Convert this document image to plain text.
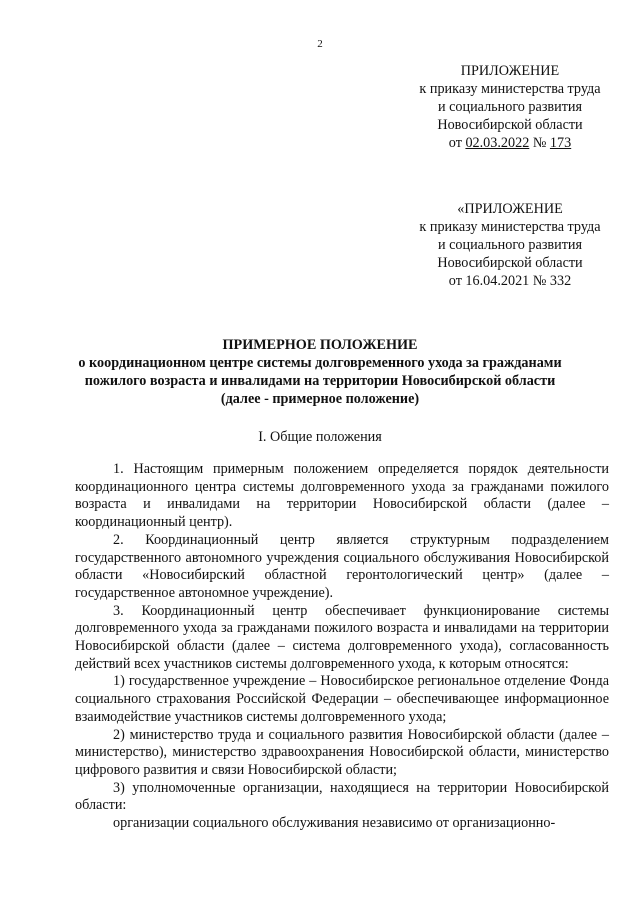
2
ПРИЛОЖЕНИЕ
к приказу министерства труда
и социального развития
Новосибирской области
от 02.03.2022 № 173
«ПРИЛОЖЕНИЕ
к приказу министерства труда
и социального развития
Новосибирской области
от 16.04.2021 № 332
ПРИМЕРНОЕ ПОЛОЖЕНИЕ
о координационном центре системы долговременного ухода за гражданами
пожилого возраста и инвалидами на территории Новосибирской области
(далее - примерное положение)
I. Общие положения

1. Настоящим примерным положением определяется порядок деятельности координационного центра системы долговременного ухода за гражданами пожилого возраста и инвалидами на территории Новосибирской области (далее – координационный центр).

2. Координационный центр является структурным подразделением государственного автономного учреждения социального обслуживания Новосибирской области «Новосибирский областной геронтологический центр» (далее – государственное автономное учреждение).

3. Координационный центр обеспечивает функционирование системы долговременного ухода за гражданами пожилого возраста и инвалидами на территории Новосибирской области (далее – система долговременного ухода), согласованность действий всех участников системы долговременного ухода, к которым относятся:

1) государственное учреждение – Новосибирское региональное отделение Фонда социального страхования Российской Федерации – обеспечивающее информационное взаимодействие участников системы долговременного ухода;

2) министерство труда и социального развития Новосибирской области (далее – министерство), министерство здравоохранения Новосибирской области, министерство цифрового развития и связи Новосибирской области;

3) уполномоченные организации, находящиеся на территории Новосибирской области:

организации социального обслуживания независимо от организационно-
